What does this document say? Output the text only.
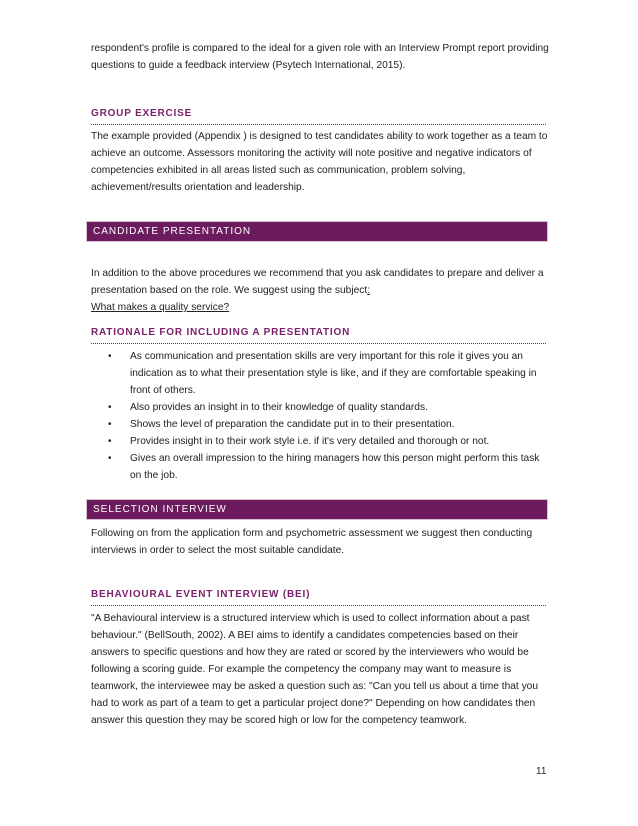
respondent's profile is compared to the ideal for a given role with an Interview Prompt report providing questions to guide a feedback interview (Psytech International, 2015).

GROUP EXERCISE

The example provided (Appendix ) is designed to test candidates ability to work together as a team to achieve an outcome. Assessors monitoring the activity will note positive and negative indicators of competencies exhibited in all areas listed such as communication, problem solving, achievement/results orientation and leadership.

CANDIDATE PRESENTATION

In addition to the above procedures we recommend that you ask candidates to prepare and deliver a presentation based on the role. We suggest using the subject:
What makes a quality service?

RATIONALE FOR INCLUDING A PRESENTATION
• As communication and presentation skills are very important for this role it gives you an indication as to what their presentation style is like, and if they are comfortable speaking in front of others.
• Also provides an insight in to their knowledge of quality standards.
• Shows the level of preparation the candidate put in to their presentation.
• Provides insight in to their work style i.e. if it's very detailed and thorough or not.
• Gives an overall impression to the hiring managers how this person might perform this task on the job.
SELECTION INTERVIEW

Following on from the application form and psychometric assessment we suggest then conducting interviews in order to select the most suitable candidate.

BEHAVIOURAL EVENT INTERVIEW (BEI)

"A Behavioural interview is a structured interview which is used to collect information about a past behaviour." (BellSouth, 2002). A BEI aims to identify a candidates competencies based on their answers to specific questions and how they are rated or scored by the interviewers who would be following a scoring guide. For example the competency the company may want to measure is teamwork, the interviewee may be asked a question such as: "Can you tell us about a time that you had to work as part of a team to get a particular project done?" Depending on how candidates then answer this question they may be scored high or low for the competency teamwork.

11
